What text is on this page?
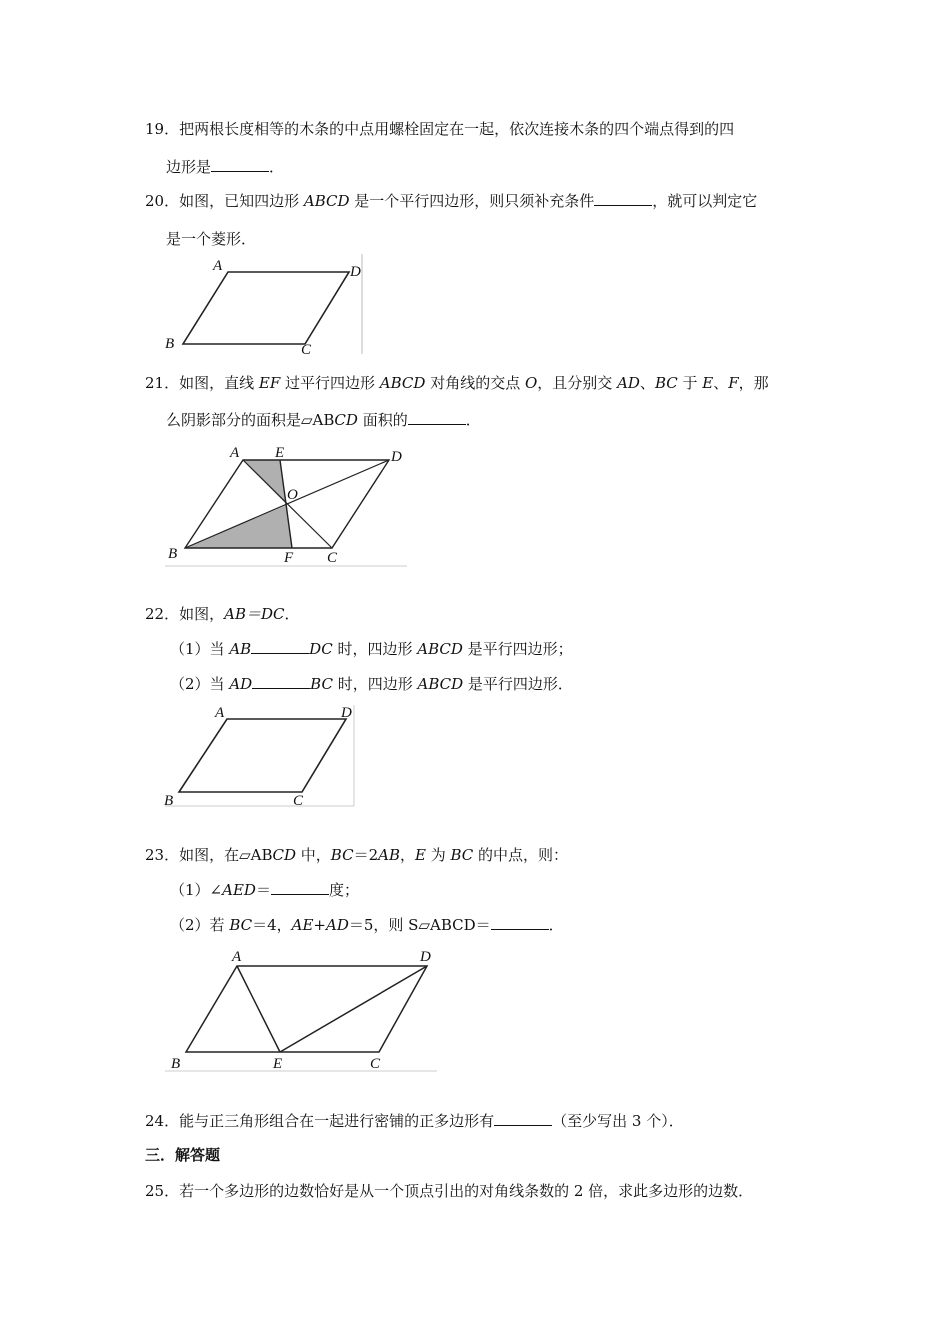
19．把两根长度相等的木条的中点用螺栓固定在一起，依次连接木条的四个端点得到的四
边形是	．
20．如图，已知四边形 ABCD 是一个平行四边形，则只须补充条件	，就可以判定它
是一个菱形．
A	D
B	C
21．如图，直线 EF 过平行四边形 ABCD 对角线的交点 O，且分别交 AD、BC 于 E、F，那
么阴影部分的面积是▱ABCD 面积的	．
A E	D
O
B	F C
22．如图，AB＝DC．
（1）当 AB	DC 时，四边形 ABCD 是平行四边形；
（2）当 AD	BC 时，四边形 ABCD 是平行四边形．
A	D
B	C
23．如图，在▱ABCD 中，BC＝2AB，E 为 BC 的中点，则：
（1）∠AED＝	度；
（2）若 BC＝4，AE+AD＝5，则 S▱ABCD＝	．
A	D
B	E	C
24．能与正三角形组合在一起进行密铺的正多边形有	（至少写出 3 个）．
三．解答题
25．若一个多边形的边数恰好是从一个顶点引出的对角线条数的 2 倍，求此多边形的边数．
